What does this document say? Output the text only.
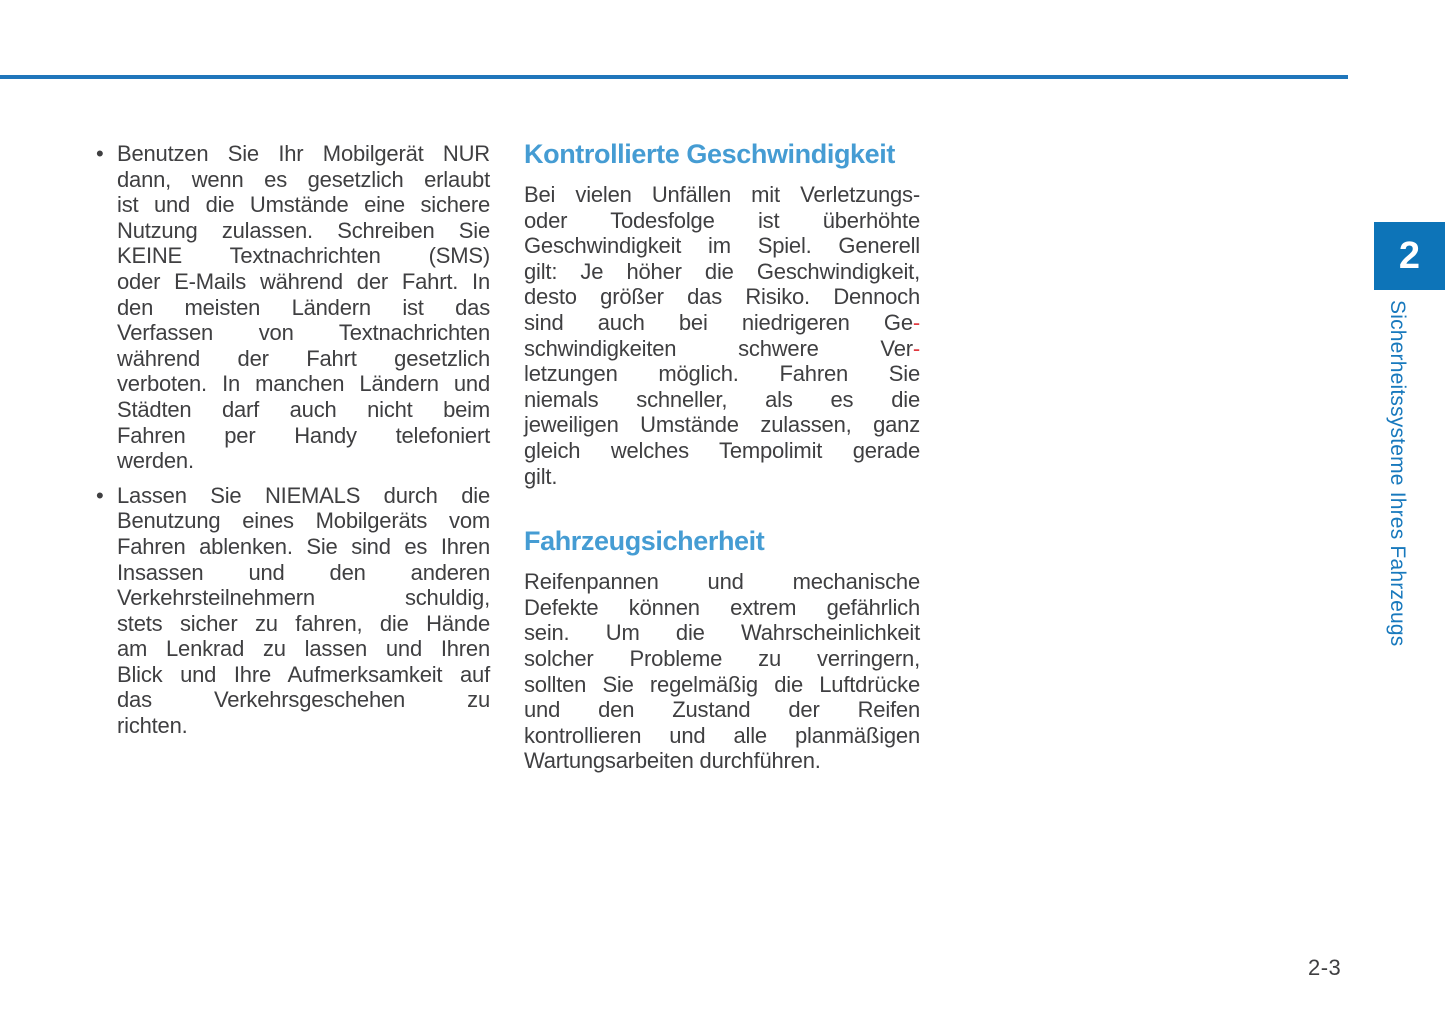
• Benutzen Sie Ihr Mobilgerät NUR
dann, wenn es gesetzlich erlaubt
ist und die Umstände eine sichere
Nutzung zulassen. Schreiben Sie
KEINE Textnachrichten (SMS)
oder E-Mails während der Fahrt. In
den meisten Ländern ist das
Verfassen von Textnachrichten
während der Fahrt gesetzlich
verboten. In manchen Ländern und
Städten darf auch nicht beim
Fahren per Handy telefoniert
werden.
• Lassen Sie NIEMALS durch die
Benutzung eines Mobilgeräts vom
Fahren ablenken. Sie sind es Ihren
Insassen und den anderen
Verkehrsteilnehmern schuldig,
stets sicher zu fahren, die Hände
am Lenkrad zu lassen und Ihren
Blick und Ihre Aufmerksamkeit auf
das Verkehrsgeschehen zu
richten.
Kontrollierte Geschwindigkeit
Bei vielen Unfällen mit Verletzungs-
oder Todesfolge ist überhöhte
Geschwindigkeit im Spiel. Generell
gilt: Je höher die Geschwindigkeit,
desto größer das Risiko. Dennoch
sind auch bei niedrigeren Ge-
schwindigkeiten schwere Ver-
letzungen möglich. Fahren Sie
niemals schneller, als es die
jeweiligen Umstände zulassen, ganz
gleich welches Tempolimit gerade
gilt.
Fahrzeugsicherheit
Reifenpannen und mechanische
Defekte können extrem gefährlich
sein. Um die Wahrscheinlichkeit
solcher Probleme zu verringern,
sollten Sie regelmäßig die Luftdrücke
und den Zustand der Reifen
kontrollieren und alle planmäßigen
Wartungsarbeiten durchführen.
2
Sicherheitssysteme Ihres Fahrzeugs
2-3
